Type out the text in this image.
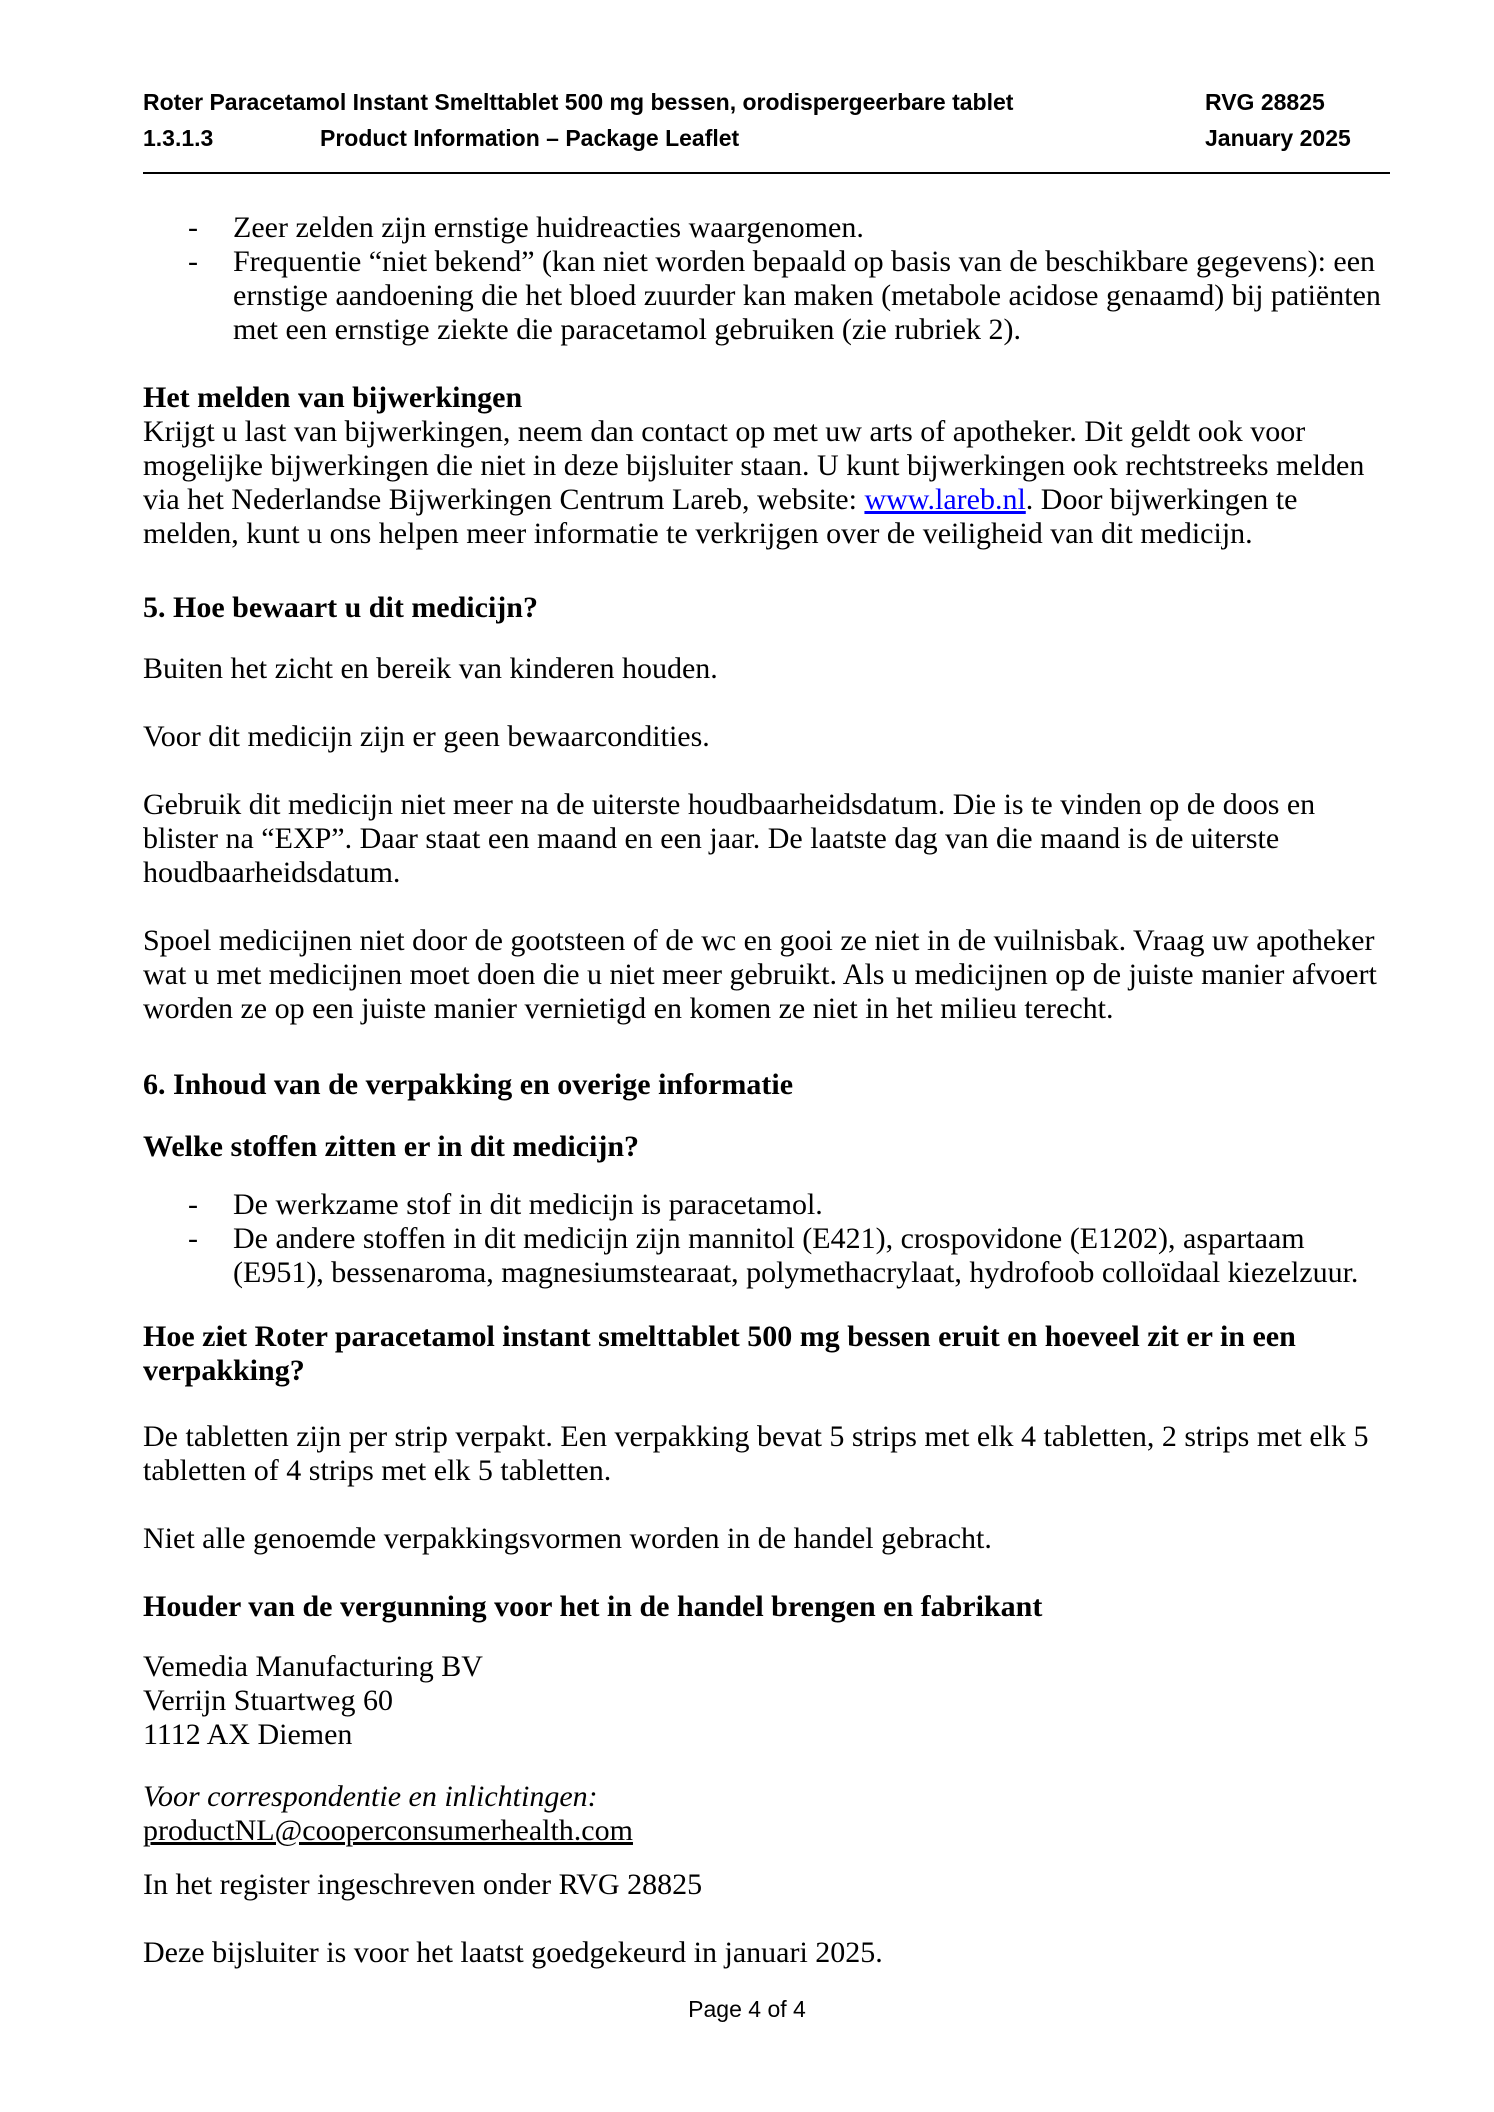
Roter Paracetamol Instant Smelttablet 500 mg bessen, orodispergeerbare tablet	RVG 28825
1.3.1.3	Product Information – Package Leaflet	January 2025
- Zeer zelden zijn ernstige huidreacties waargenomen.
- Frequentie “niet bekend” (kan niet worden bepaald op basis van de beschikbare gegevens): een ernstige aandoening die het bloed zuurder kan maken (metabole acidose genaamd) bij patiënten met een ernstige ziekte die paracetamol gebruiken (zie rubriek 2).
Het melden van bijwerkingen

Krijgt u last van bijwerkingen, neem dan contact op met uw arts of apotheker. Dit geldt ook voor mogelijke bijwerkingen die niet in deze bijsluiter staan. U kunt bijwerkingen ook rechtstreeks melden via het Nederlandse Bijwerkingen Centrum Lareb, website: www.lareb.nl. Door bijwerkingen te melden, kunt u ons helpen meer informatie te verkrijgen over de veiligheid van dit medicijn.

5. Hoe bewaart u dit medicijn?

Buiten het zicht en bereik van kinderen houden.

Voor dit medicijn zijn er geen bewaarcondities.

Gebruik dit medicijn niet meer na de uiterste houdbaarheidsdatum. Die is te vinden op de doos en blister na “EXP”. Daar staat een maand en een jaar. De laatste dag van die maand is de uiterste houdbaarheidsdatum.

Spoel medicijnen niet door de gootsteen of de wc en gooi ze niet in de vuilnisbak. Vraag uw apotheker wat u met medicijnen moet doen die u niet meer gebruikt. Als u medicijnen op de juiste manier afvoert worden ze op een juiste manier vernietigd en komen ze niet in het milieu terecht.

6. Inhoud van de verpakking en overige informatie
Welke stoffen zitten er in dit medicijn?
- De werkzame stof in dit medicijn is paracetamol.
- De andere stoffen in dit medicijn zijn mannitol (E421), crospovidone (E1202), aspartaam (E951), bessenaroma, magnesiumstearaat, polymethacrylaat, hydrofoob colloïdaal kiezelzuur.
Hoe ziet Roter paracetamol instant smelttablet 500 mg bessen eruit en hoeveel zit er in een verpakking?

De tabletten zijn per strip verpakt. Een verpakking bevat 5 strips met elk 4 tabletten, 2 strips met elk 5 tabletten of 4 strips met elk 5 tabletten.

Niet alle genoemde verpakkingsvormen worden in de handel gebracht.

Houder van de vergunning voor het in de handel brengen en fabrikant

Vemedia Manufacturing BV
Verrijn Stuartweg 60
1112 AX Diemen

Voor correspondentie en inlichtingen:

productNL@cooperconsumerhealth.com

In het register ingeschreven onder RVG 28825

Deze bijsluiter is voor het laatst goedgekeurd in januari 2025.

Page 4 of 4
